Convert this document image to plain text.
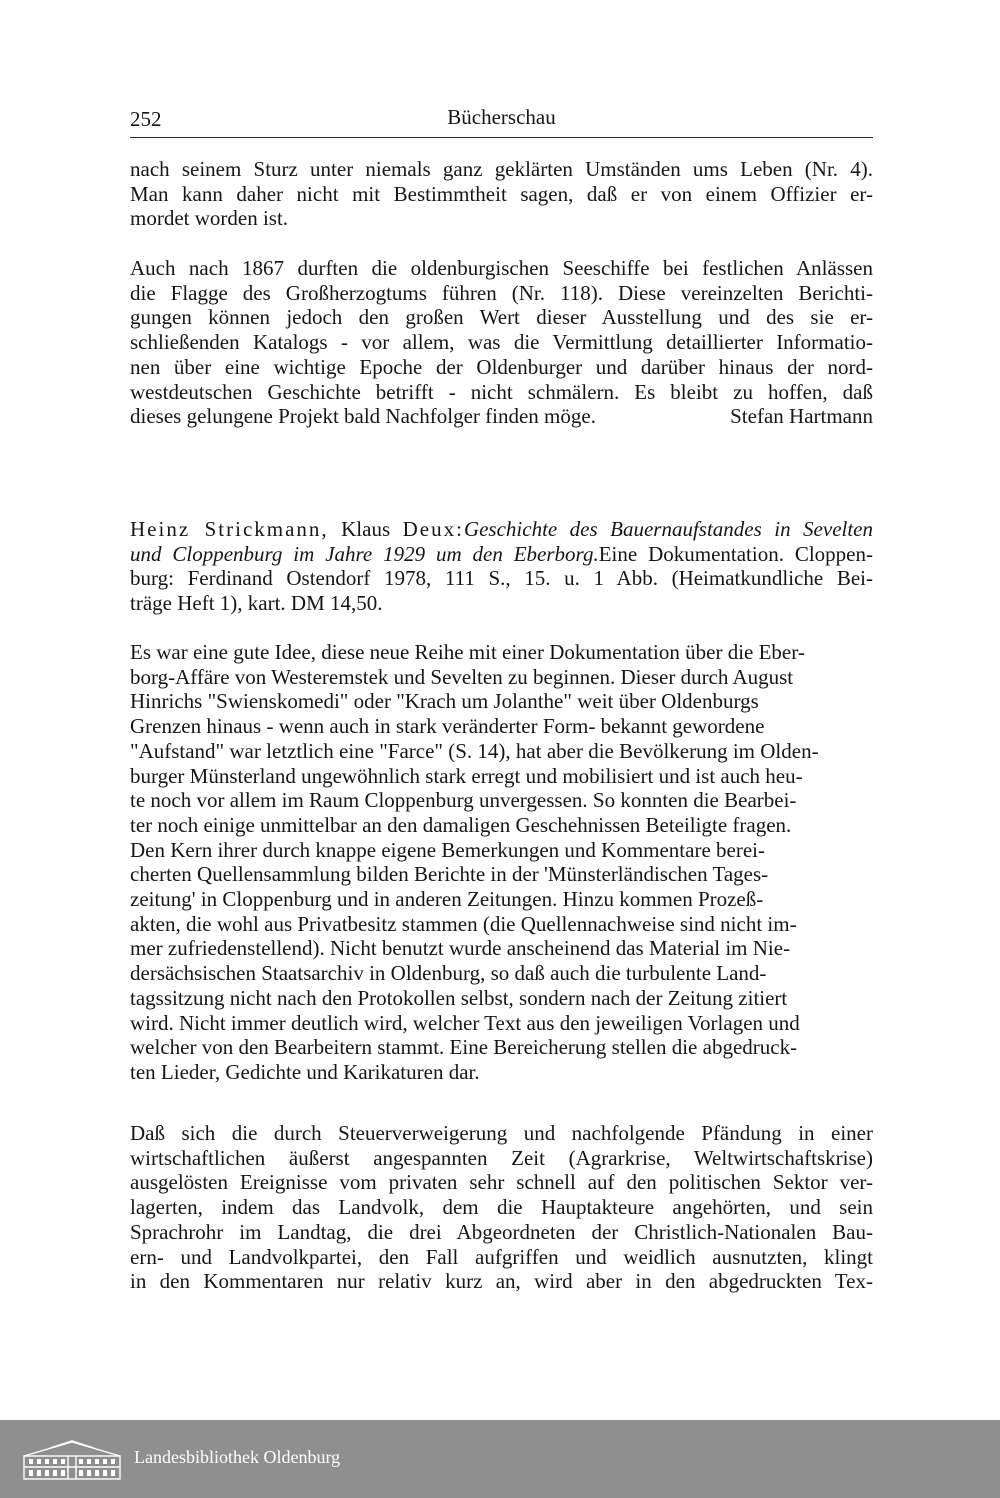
252	Bücherschau

nach seinem Sturz unter niemals ganz geklärten Umständen ums Leben (Nr. 4).
Man kann daher nicht mit Bestimmtheit sagen, daß er von einem Offizier er-
mordet worden ist.

Auch nach 1867 durften die oldenburgischen Seeschiffe bei festlichen Anlässen
die Flagge des Großherzogtums führen (Nr. 118). Diese vereinzelten Berichti-
gungen können jedoch den großen Wert dieser Ausstellung und des sie er-
schließenden Katalogs - vor allem, was die Vermittlung detaillierter Informatio-
nen über eine wichtige Epoche der Oldenburger und darüber hinaus der nord-
westdeutschen Geschichte betrifft - nicht schmälern. Es bleibt zu hoffen, daß
dieses gelungene Projekt bald Nachfolger finden möge.	Stefan Hartmann

Heinz Strickmann, Klaus Deux:Geschichte des Bauernaufstandes in Sevelten
und Cloppenburg im Jahre 1929 um den Eberborg.Eine Dokumentation. Cloppen-
burg: Ferdinand Ostendorf 1978, 111 S., 15. u. 1 Abb. (Heimatkundliche Bei-
träge Heft 1), kart. DM 14,50.

Es war eine gute Idee, diese neue Reihe mit einer Dokumentation über die Eber-
borg-Affäre von Westeremstek und Sevelten zu beginnen. Dieser durch August
Hinrichs "Swienskomedi" oder "Krach um Jolanthe" weit über Oldenburgs
Grenzen hinaus - wenn auch in stark veränderter Form- bekannt gewordene
"Aufstand" war letztlich eine "Farce" (S. 14), hat aber die Bevölkerung im Olden-
burger Münsterland ungewöhnlich stark erregt und mobilisiert und ist auch heu-
te noch vor allem im Raum Cloppenburg unvergessen. So konnten die Bearbei-
ter noch einige unmittelbar an den damaligen Geschehnissen Beteiligte fragen.
Den Kern ihrer durch knappe eigene Bemerkungen und Kommentare berei-
cherten Quellensammlung bilden Berichte in der 'Münsterländischen Tages-
zeitung' in Cloppenburg und in anderen Zeitungen. Hinzu kommen Prozeß-
akten, die wohl aus Privatbesitz stammen (die Quellennachweise sind nicht im-
mer zufriedenstellend). Nicht benutzt wurde anscheinend das Material im Nie-
dersächsischen Staatsarchiv in Oldenburg, so daß auch die turbulente Land-
tagssitzung nicht nach den Protokollen selbst, sondern nach der Zeitung zitiert
wird. Nicht immer deutlich wird, welcher Text aus den jeweiligen Vorlagen und
welcher von den Bearbeitern stammt. Eine Bereicherung stellen die abgedruck-
ten Lieder, Gedichte und Karikaturen dar.

Daß sich die durch Steuerverweigerung und nachfolgende Pfändung in einer
wirtschaftlichen äußerst angespannten Zeit (Agrarkrise, Weltwirtschaftskrise)
ausgelösten Ereignisse vom privaten sehr schnell auf den politischen Sektor ver-
lagerten, indem das Landvolk, dem die Hauptakteure angehörten, und sein
Sprachrohr im Landtag, die drei Abgeordneten der Christlich-Nationalen Bau-
ern- und Landvolkpartei, den Fall aufgriffen und weidlich ausnutzten, klingt
in den Kommentaren nur relativ kurz an, wird aber in den abgedruckten Tex-

Landesbibliothek Oldenburg
